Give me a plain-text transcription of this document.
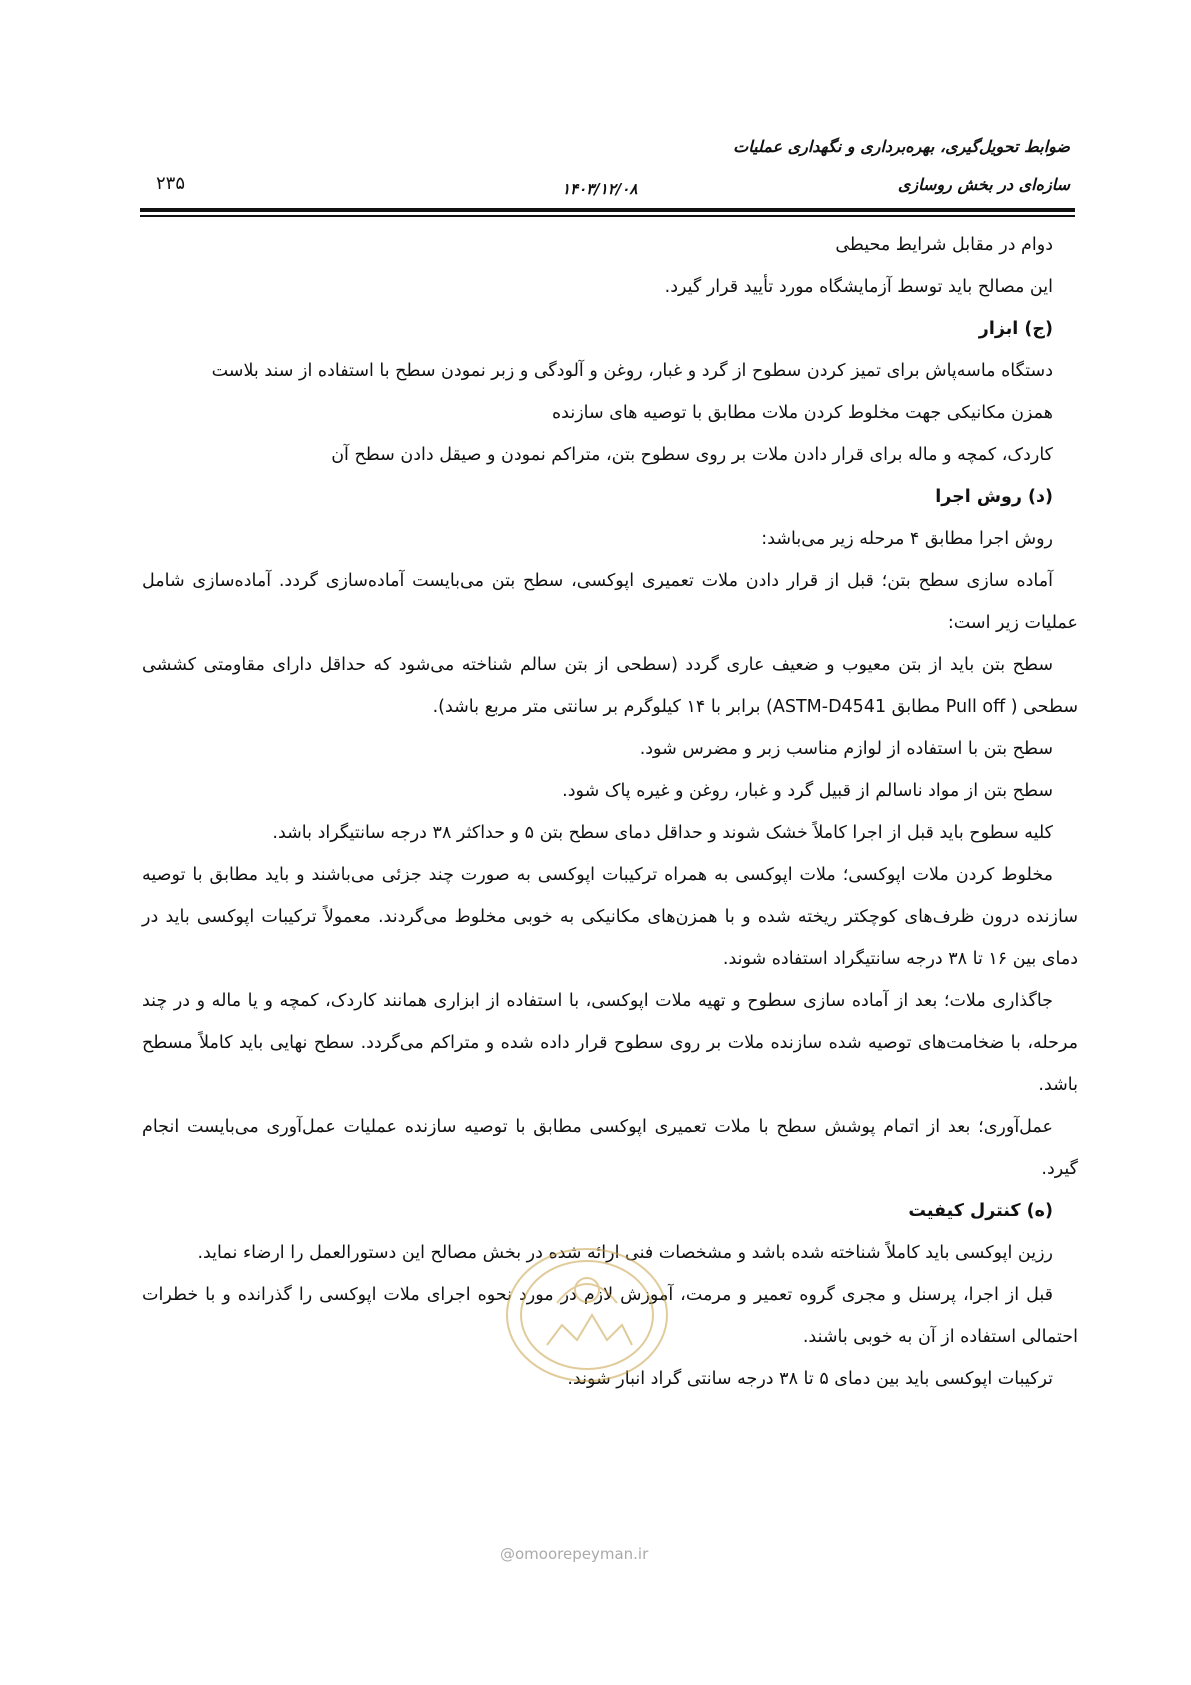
ضوابط تحویل‌گیری، بهره‌برداری و نگهداری عملیات
سازه‌ای در بخش روسازی
۱۴۰۳/۱۲/۰۸
۲۳۵

دوام در مقابل شرایط محیطی

این مصالح باید توسط آزمایشگاه مورد تأیید قرار گیرد.

(ج) ابزار

دستگاه ماسه‌پاش برای تمیز کردن سطوح از گرد و غبار، روغن و آلودگی و زبر نمودن سطح با استفاده از سند بلاست

همزن مکانیکی جهت مخلوط کردن ملات مطابق با توصیه های سازنده

کاردک، کمچه و ماله برای قرار دادن ملات بر روی سطوح بتن، متراکم نمودن و صیقل دادن سطح آن

(د) روش اجرا

روش اجرا مطابق ۴ مرحله زیر می‌باشد:

آماده سازی سطح بتن؛ قبل از قرار دادن ملات تعمیری اپوکسی، سطح بتن می‌بایست آماده‌سازی گردد. آماده‌سازی شامل عملیات زیر است:

سطح بتن باید از بتن معیوب و ضعیف عاری گردد (سطحی از بتن سالم شناخته می‌شود که حداقل دارای مقاومتی کششی سطحی ( Pull off مطابق ASTM-D4541) برابر با ۱۴ کیلوگرم بر سانتی متر مربع باشد).

سطح بتن با استفاده از لوازم مناسب زبر و مضرس شود.

سطح بتن از مواد ناسالم از قبیل گرد و غبار، روغن و غیره پاک شود.

کلیه سطوح باید قبل از اجرا کاملاً خشک شوند و حداقل دمای سطح بتن ۵ و حداکثر ۳۸ درجه سانتیگراد باشد.

مخلوط کردن ملات اپوکسی؛ ملات اپوکسی به همراه ترکیبات اپوکسی به صورت چند جزئی می‌باشند و باید مطابق با توصیه سازنده درون ظرف‌های کوچکتر ریخته شده و با همزن‌های مکانیکی به خوبی مخلوط می‌گردند. معمولاً ترکیبات اپوکسی باید در دمای بین ۱۶ تا ۳۸ درجه سانتیگراد استفاده شوند.

جاگذاری ملات؛ بعد از آماده سازی سطوح و تهیه ملات اپوکسی، با استفاده از ابزاری همانند کاردک، کمچه و یا ماله و در چند مرحله، با ضخامت‌های توصیه شده سازنده ملات بر روی سطوح قرار داده شده و متراکم می‌گردد. سطح نهایی باید کاملاً مسطح باشد.

عمل‌آوری؛ بعد از اتمام پوشش سطح با ملات تعمیری اپوکسی مطابق با توصیه سازنده عملیات عمل‌آوری می‌بایست انجام گیرد.

(ه) کنترل کیفیت

رزین اپوکسی باید کاملاً شناخته شده باشد و مشخصات فنی ارائه شده در بخش مصالح این دستورالعمل را ارضاء نماید.

قبل از اجرا، پرسنل و مجری گروه تعمیر و مرمت، آموزش لازم در مورد نحوه اجرای ملات اپوکسی را گذرانده و با خطرات احتمالی استفاده از آن به خوبی باشند.

ترکیبات اپوکسی باید بین دمای ۵ تا ۳۸ درجه سانتی گراد انبار شوند.

@omoorepeyman.ir
